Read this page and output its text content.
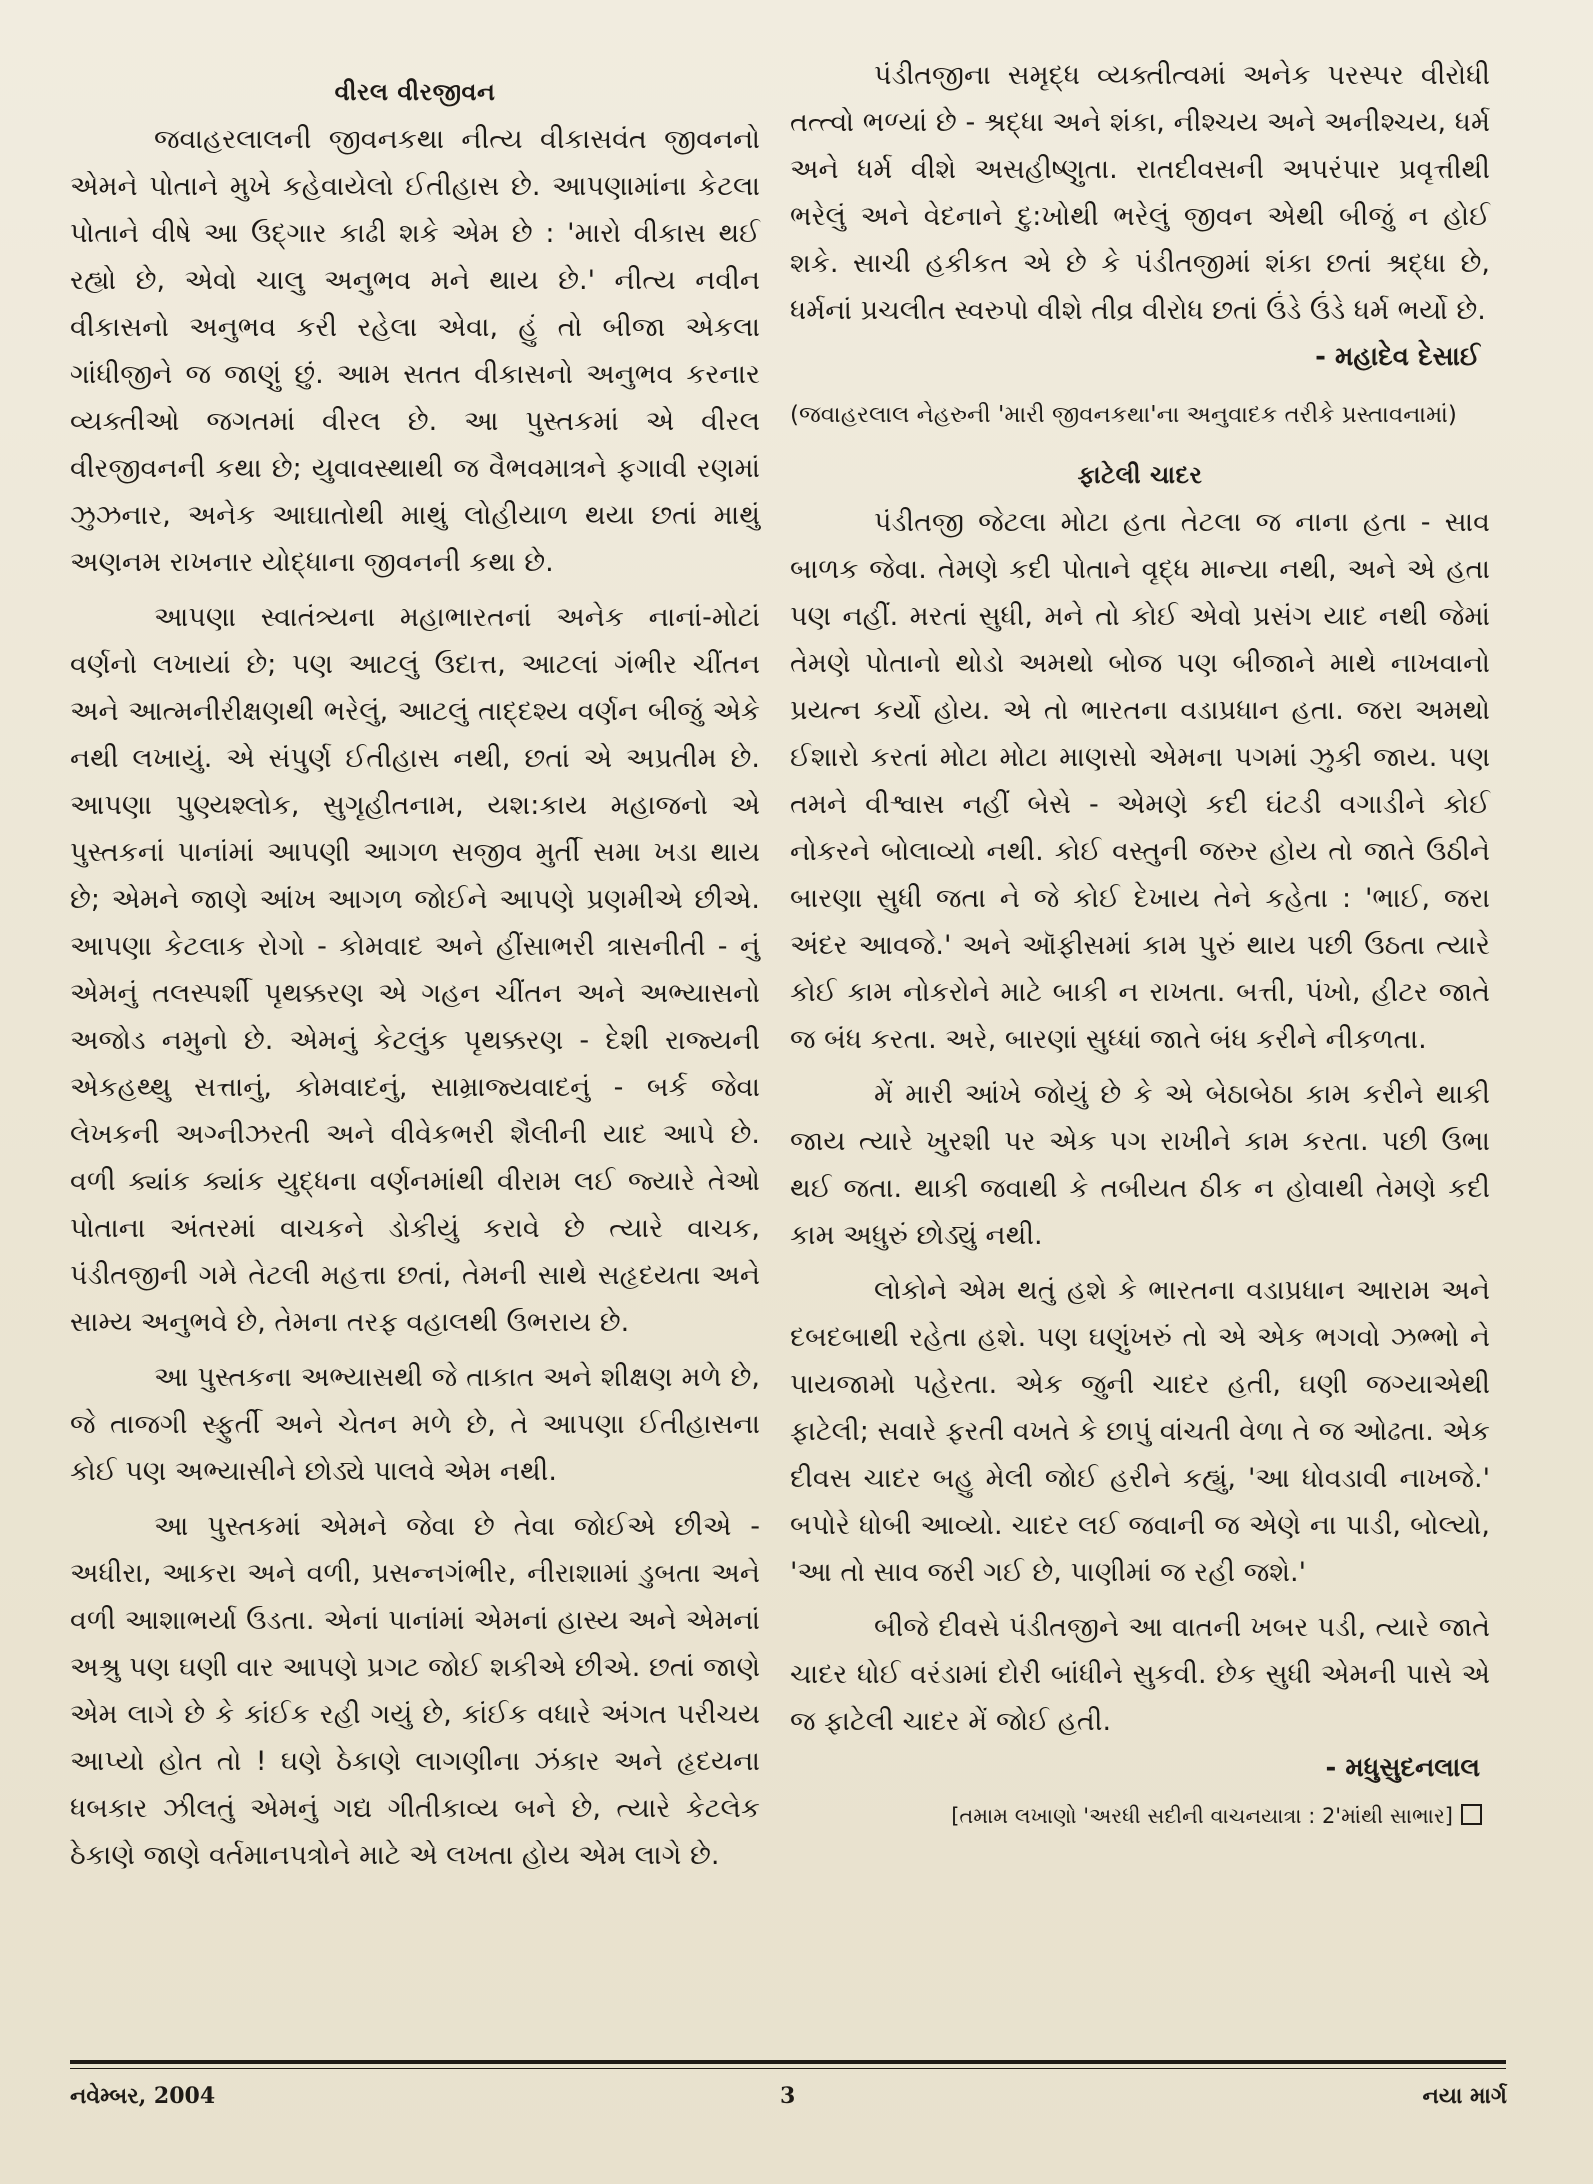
વીરલ વીરજીવન

જવાહરલાલની જીવનકથા નીત્ય વીકાસવંત જીવનનો એમને પોતાને મુખે કહેવાયેલો ઈતીહાસ છે. આપણામાંના કેટલા પોતાને વીષે આ ઉદ્ગાર કાઢી શકે એમ છે : 'મારો વીકાસ થઈ રહ્યો છે, એવો ચાલુ અનુભવ મને થાય છે.' નીત્ય નવીન વીકાસનો અનુભવ કરી રહેલા એવા, હું તો બીજા એકલા ગાંધીજીને જ જાણું છું. આમ સતત વીકાસનો અનુભવ કરનાર વ્યક્તીઓ જગતમાં વીરલ છે. આ પુસ્તકમાં એ વીરલ વીરજીવનની કથા છે; યુવાવસ્થાથી જ વૈભવમાત્રને ફગાવી રણમાં ઝુઝનાર, અનેક આઘાતોથી માથું લોહીયાળ થયા છતાં માથું અણનમ રાખનાર યોદ્ધાના જીવનની કથા છે.

આપણા સ્વાતંત્ર્યના મહાભારતનાં અનેક નાનાં-મોટાં વર્ણનો લખાયાં છે; પણ આટલું ઉદાત્ત, આટલાં ગંભીર ચીંતન અને આત્મનીરીક્ષણથી ભરેલું, આટલું તાદ્દશ્ય વર્ણન બીજું એકે નથી લખાયું. એ સંપુર્ણ ઈતીહાસ નથી, છતાં એ અપ્રતીમ છે. આપણા પુણ્યશ્લોક, સુગૃહીતનામ, યશ:કાય મહાજનો એ પુસ્તકનાં પાનાંમાં આપણી આગળ સજીવ મુર્તી સમા ખડા થાય છે; એમને જાણે આંખ આગળ જોઈને આપણે પ્રણમીએ છીએ. આપણા કેટલાક રોગો - કોમવાદ અને હીંસાભરી ત્રાસનીતી - નું એમનું તલસ્પર્શી પૃથક્કરણ એ ગહન ચીંતન અને અભ્યાસનો અજોડ નમુનો છે. એમનું કેટલુંક પૃથક્કરણ - દેશી રાજ્યની એકહથ્થુ સત્તાનું, કોમવાદનું, સામ્રાજ્યવાદનું - બર્ક જેવા લેખકની અગ્નીઝરતી અને વીવેકભરી શૈલીની યાદ આપે છે. વળી ક્યાંક ક્યાંક યુદ્ધના વર્ણનમાંથી વીરામ લઈ જ્યારે તેઓ પોતાના અંતરમાં વાચકને ડોકીયું કરાવે છે ત્યારે વાચક, પંડીતજીની ગમે તેટલી મહત્તા છતાં, તેમની સાથે સહૃદયતા અને સામ્ય અનુભવે છે, તેમના તરફ વહાલથી ઉભરાય છે.

આ પુસ્તકના અભ્યાસથી જે તાકાત અને શીક્ષણ મળે છે, જે તાજગી સ્ફુર્તી અને ચેતન મળે છે, તે આપણા ઈતીહાસના કોઈ પણ અભ્યાસીને છોડ્યે પાલવે એમ નથી.

આ પુસ્તકમાં એમને જેવા છે તેવા જોઈએ છીએ - અધીરા, આકરા અને વળી, પ્રસન્નગંભીર, નીરાશામાં ડુબતા અને વળી આશાભર્યા ઉડતા. એનાં પાનાંમાં એમનાં હાસ્ય અને એમનાં અશ્રુ પણ ઘણી વાર આપણે પ્રગટ જોઈ શકીએ છીએ. છતાં જાણે એમ લાગે છે કે કાંઈક રહી ગયું છે, કાંઈક વધારે અંગત પરીચય આપ્યો હોત તો ! ઘણે ઠેકાણે લાગણીના ઝંકાર અને હૃદયના ધબકાર ઝીલતું એમનું ગદ્ય ગીતીકાવ્ય બને છે, ત્યારે કેટલેક ઠેકાણે જાણે વર્તમાનપત્રોને માટે એ લખતા હોય એમ લાગે છે.

પંડીતજીના સમૃદ્ધ વ્યક્તીત્વમાં અનેક પરસ્પર વીરોધી તત્ત્વો ભળ્યાં છે - શ્રદ્ધા અને શંકા, નીશ્ચય અને અનીશ્ચય, ધર્મ અને ધર્મ વીશે અસહીષ્ણુતા. રાતદીવસની અપરંપાર પ્રવૃત્તીથી ભરેલું અને વેદનાને દુ:ખોથી ભરેલું જીવન એથી બીજું ન હોઈ શકે. સાચી હકીકત એ છે કે પંડીતજીમાં શંકા છતાં શ્રદ્ધા છે, ધર્મનાં પ્રચલીત સ્વરુપો વીશે તીવ્ર વીરોધ છતાં ઉંડે ઉંડે ધર્મ ભર્યો છે.

- મહાદેવ દેસાઈ

(જવાહરલાલ નેહરુની 'મારી જીવનકથા'ના અનુવાદક તરીકે પ્રસ્તાવનામાં)

ફાટેલી ચાદર

પંડીતજી જેટલા મોટા હતા તેટલા જ નાના હતા - સાવ બાળક જેવા. તેમણે કદી પોતાને વૃદ્ધ માન્યા નથી, અને એ હતા પણ નહીં. મરતાં સુધી, મને તો કોઈ એવો પ્રસંગ યાદ નથી જેમાં તેમણે પોતાનો થોડો અમથો બોજ પણ બીજાને માથે નાખવાનો પ્રયત્ન કર્યો હોય. એ તો ભારતના વડાપ્રધાન હતા. જરા અમથો ઈશારો કરતાં મોટા મોટા માણસો એમના પગમાં ઝુકી જાય. પણ તમને વીશ્વાસ નહીં બેસે - એમણે કદી ઘંટડી વગાડીને કોઈ નોકરને બોલાવ્યો નથી. કોઈ વસ્તુની જરુર હોય તો જાતે ઉઠીને બારણા સુધી જતા ને જે કોઈ દેખાય તેને કહેતા : 'ભાઈ, જરા અંદર આવજે.' અને ઑફીસમાં કામ પુરું થાય પછી ઉઠતા ત્યારે કોઈ કામ નોકરોને માટે બાકી ન રાખતા. બત્તી, પંખો, હીટર જાતે જ બંધ કરતા. અરે, બારણાં સુધ્ધાં જાતે બંધ કરીને નીકળતા.

મેં મારી આંખે જોયું છે કે એ બેઠાબેઠા કામ કરીને થાકી જાય ત્યારે ખુરશી પર એક પગ રાખીને કામ કરતા. પછી ઉભા થઈ જતા. થાકી જવાથી કે તબીયત ઠીક ન હોવાથી તેમણે કદી કામ અધુરું છોડ્યું નથી.

લોકોને એમ થતું હશે કે ભારતના વડાપ્રધાન આરામ અને દબદબાથી રહેતા હશે. પણ ઘણુંખરું તો એ એક ભગવો ઝભ્ભો ને પાયજામો પહેરતા. એક જુની ચાદર હતી, ઘણી જગ્યાએથી ફાટેલી; સવારે ફરતી વખતે કે છાપું વાંચતી વેળા તે જ ઓઢતા. એક દીવસ ચાદર બહુ મેલી જોઈ હરીને કહ્યું, 'આ ધોવડાવી નાખજે.' બપોરે ધોબી આવ્યો. ચાદર લઈ જવાની જ એણે ના પાડી, બોલ્યો, 'આ તો સાવ જરી ગઈ છે, પાણીમાં જ રહી જશે.'

બીજે દીવસે પંડીતજીને આ વાતની ખબર પડી, ત્યારે જાતે ચાદર ધોઈ વરંડામાં દોરી બાંધીને સુકવી. છેક સુધી એમની પાસે એ જ ફાટેલી ચાદર મેં જોઈ હતી.

- મધુસુદનલાલ
[તમામ લખાણો 'અરધી સદીની વાચનયાત્રા : 2'માંથી સાભાર]
નવેમ્બર, 2004	3	નયા માર્ગ
